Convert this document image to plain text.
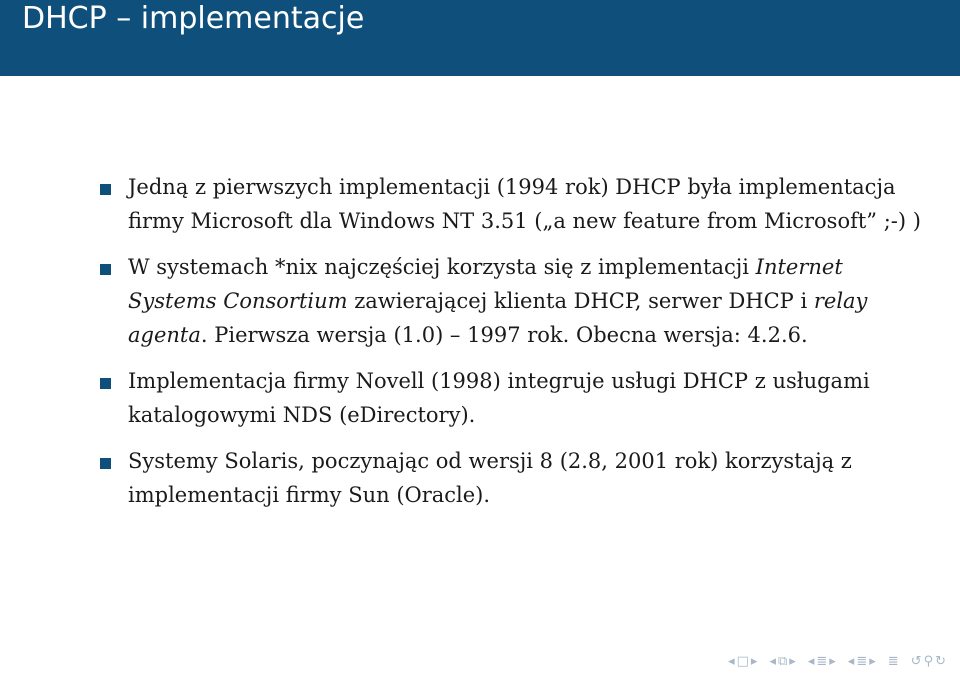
DHCP – implementacje
Jedną z pierwszych implementacji (1994 rok) DHCP była implementacja firmy Microsoft dla Windows NT 3.51 („a new feature from Microsoft” ;-) )
W systemach *nix najczęściej korzysta się z implementacji Internet Systems Consortium zawierającej klienta DHCP, serwer DHCP i relay agenta. Pierwsza wersja (1.0) – 1997 rok. Obecna wersja: 4.2.6.
Implementacja firmy Novell (1998) integruje usługi DHCP z usługami katalogowymi NDS (eDirectory).
Systemy Solaris, poczynając od wersji 8 (2.8, 2001 rok) korzystają z implementacji firmy Sun (Oracle).
◂ □ ▸ ◂ ⧉ ▸ ◂ ≣ ▸ ◂ ≣ ▸ ≣ ↺ ⚲ ↻
